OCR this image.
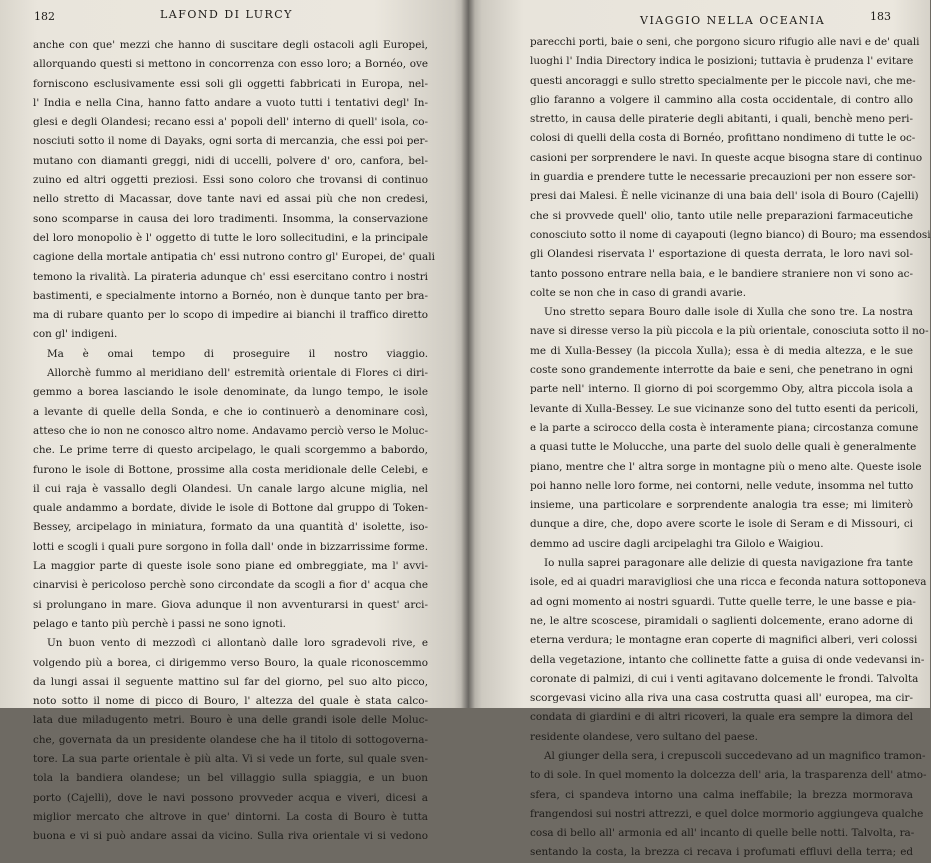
182	LAFOND DI LURCY
anche con que' mezzi che hanno di suscitare degli ostacoli agli Europei,
allorquando questi si mettono in concorrenza con esso loro; a Bornéo, ove
forniscono esclusivamente essi soli gli oggetti fabbricati in Europa, nel-
l' India e nella Cina, hanno fatto andare a vuoto tutti i tentativi degl' In-
glesi e degli Olandesi; recano essi a' popoli dell' interno di quell' isola, co-
nosciuti sotto il nome di Dayaks, ogni sorta di mercanzia, che essi poi per-
mutano con diamanti greggi, nidi di uccelli, polvere d' oro, canfora, bel-
zuino ed altri oggetti preziosi. Essi sono coloro che trovansi di continuo
nello stretto di Macassar, dove tante navi ed assai più che non credesi,
sono scomparse in causa dei loro tradimenti. Insomma, la conservazione
del loro monopolio è l' oggetto di tutte le loro sollecitudini, e la principale
cagione della mortale antipatia ch' essi nutrono contro gl' Europei, de' quali
temono la rivalità. La pirateria adunque ch' essi esercitano contro i nostri
bastimenti, e specialmente intorno a Bornéo, non è dunque tanto per bra-
ma di rubare quanto per lo scopo di impedire ai bianchi il traffico diretto
con gl' indigeni.
Ma è omai tempo di proseguire il nostro viaggio.
Allorchè fummo al meridiano dell' estremità orientale di Flores ci diri-
gemmo a borea lasciando le isole denominate, da lungo tempo, le isole
a levante di quelle della Sonda, e che io continuerò a denominare così,
atteso che io non ne conosco altro nome. Andavamo perciò verso le Moluc-
che. Le prime terre di questo arcipelago, le quali scorgemmo a babordo,
furono le isole di Bottone, prossime alla costa meridionale delle Celebi, e
il cui raja è vassallo degli Olandesi. Un canale largo alcune miglia, nel
quale andammo a bordate, divide le isole di Bottone dal gruppo di Token-
Bessey, arcipelago in miniatura, formato da una quantità d' isolette, iso-
lotti e scogli i quali pure sorgono in folla dall' onde in bizzarrissime forme.
La maggior parte di queste isole sono piane ed ombreggiate, ma l' avvi-
cinarvisi è pericoloso perchè sono circondate da scogli a fior d' acqua che
si prolungano in mare. Giova adunque il non avventurarsi in quest' arci-
pelago e tanto più perchè i passi ne sono ignoti.
Un buon vento di mezzodì ci allontanò dalle loro sgradevoli rive, e
volgendo più a borea, ci dirigemmo verso Bouro, la quale riconoscemmo
da lungi assai il seguente mattino sul far del giorno, pel suo alto picco,
noto sotto il nome di picco di Bouro, l' altezza del quale è stata calco-
lata due miladugento metri. Bouro è una delle grandi isole delle Moluc-
che, governata da un presidente olandese che ha il titolo di sottogoverna-
tore. La sua parte orientale è più alta. Vi si vede un forte, sul quale sven-
tola la bandiera olandese; un bel villaggio sulla spiaggia, e un buon
porto (Cajelli), dove le navi possono provveder acqua e viveri, dicesi a
miglior mercato che altrove in que' dintorni. La costa di Bouro è tutta
buona e vi si può andare assai da vicino. Sulla riva orientale vi si vedono
VIAGGIO NELLA OCEANIA	183
parecchi porti, baie o seni, che porgono sicuro rifugio alle navi e de' quali
luoghi l' India Directory indica le posizioni; tuttavia è prudenza l' evitare
questi ancoraggi e sullo stretto specialmente per le piccole navi, che me-
glio faranno a volgere il cammino alla costa occidentale, di contro allo
stretto, in causa delle piraterie degli abitanti, i quali, benchè meno peri-
colosi di quelli della costa di Bornéo, profittano nondimeno di tutte le oc-
casioni per sorprendere le navi. In queste acque bisogna stare di continuo
in guardia e prendere tutte le necessarie precauzioni per non essere sor-
presi dai Malesi. È nelle vicinanze di una baia dell' isola di Bouro (Cajelli)
che si provvede quell' olio, tanto utile nelle preparazioni farmaceutiche
conosciuto sotto il nome di cayapouti (legno bianco) di Bouro; ma essendosi
gli Olandesi riservata l' esportazione di questa derrata, le loro navi sol-
tanto possono entrare nella baia, e le bandiere straniere non vi sono ac-
colte se non che in caso di grandi avarie.
Uno stretto separa Bouro dalle isole di Xulla che sono tre. La nostra
nave si diresse verso la più piccola e la più orientale, conosciuta sotto il no-
me di Xulla-Bessey (la piccola Xulla); essa è di media altezza, e le sue
coste sono grandemente interrotte da baie e seni, che penetrano in ogni
parte nell' interno. Il giorno di poi scorgemmo Oby, altra piccola isola a
levante di Xulla-Bessey. Le sue vicinanze sono del tutto esenti da pericoli,
e la parte a scirocco della costa è interamente piana; circostanza comune
a quasi tutte le Molucche, una parte del suolo delle quali è generalmente
piano, mentre che l' altra sorge in montagne più o meno alte. Queste isole
poi hanno nelle loro forme, nei contorni, nelle vedute, insomma nel tutto
insieme, una particolare e sorprendente analogia tra esse; mi limiterò
dunque a dire, che, dopo avere scorte le isole di Seram e di Missouri, ci
demmo ad uscire dagli arcipelaghi tra Gilolo e Waigiou.
Io nulla saprei paragonare alle delizie di questa navigazione fra tante
isole, ed ai quadri maravigliosi che una ricca e feconda natura sottoponeva
ad ogni momento ai nostri sguardi. Tutte quelle terre, le une basse e pia-
ne, le altre scoscese, piramidali o saglienti dolcemente, erano adorne di
eterna verdura; le montagne eran coperte di magnifici alberi, veri colossi
della vegetazione, intanto che collinette fatte a guisa di onde vedevansi in-
coronate di palmizi, di cui i venti agitavano dolcemente le frondi. Talvolta
scorgevasi vicino alla riva una casa costrutta quasi all' europea, ma cir-
condata di giardini e di altri ricoveri, la quale era sempre la dimora del
residente olandese, vero sultano del paese.
Al giunger della sera, i crepuscoli succedevano ad un magnifico tramon-
to di sole. In quel momento la dolcezza dell' aria, la trasparenza dell' atmo-
sfera, ci spandeva intorno una calma ineffabile; la brezza mormorava
frangendosi sui nostri attrezzi, e quel dolce mormorio aggiungeva qualche
cosa di bello all' armonia ed all' incanto di quelle belle notti. Talvolta, ra-
sentando la costa, la brezza ci recava i profumati effluvi della terra; ed
